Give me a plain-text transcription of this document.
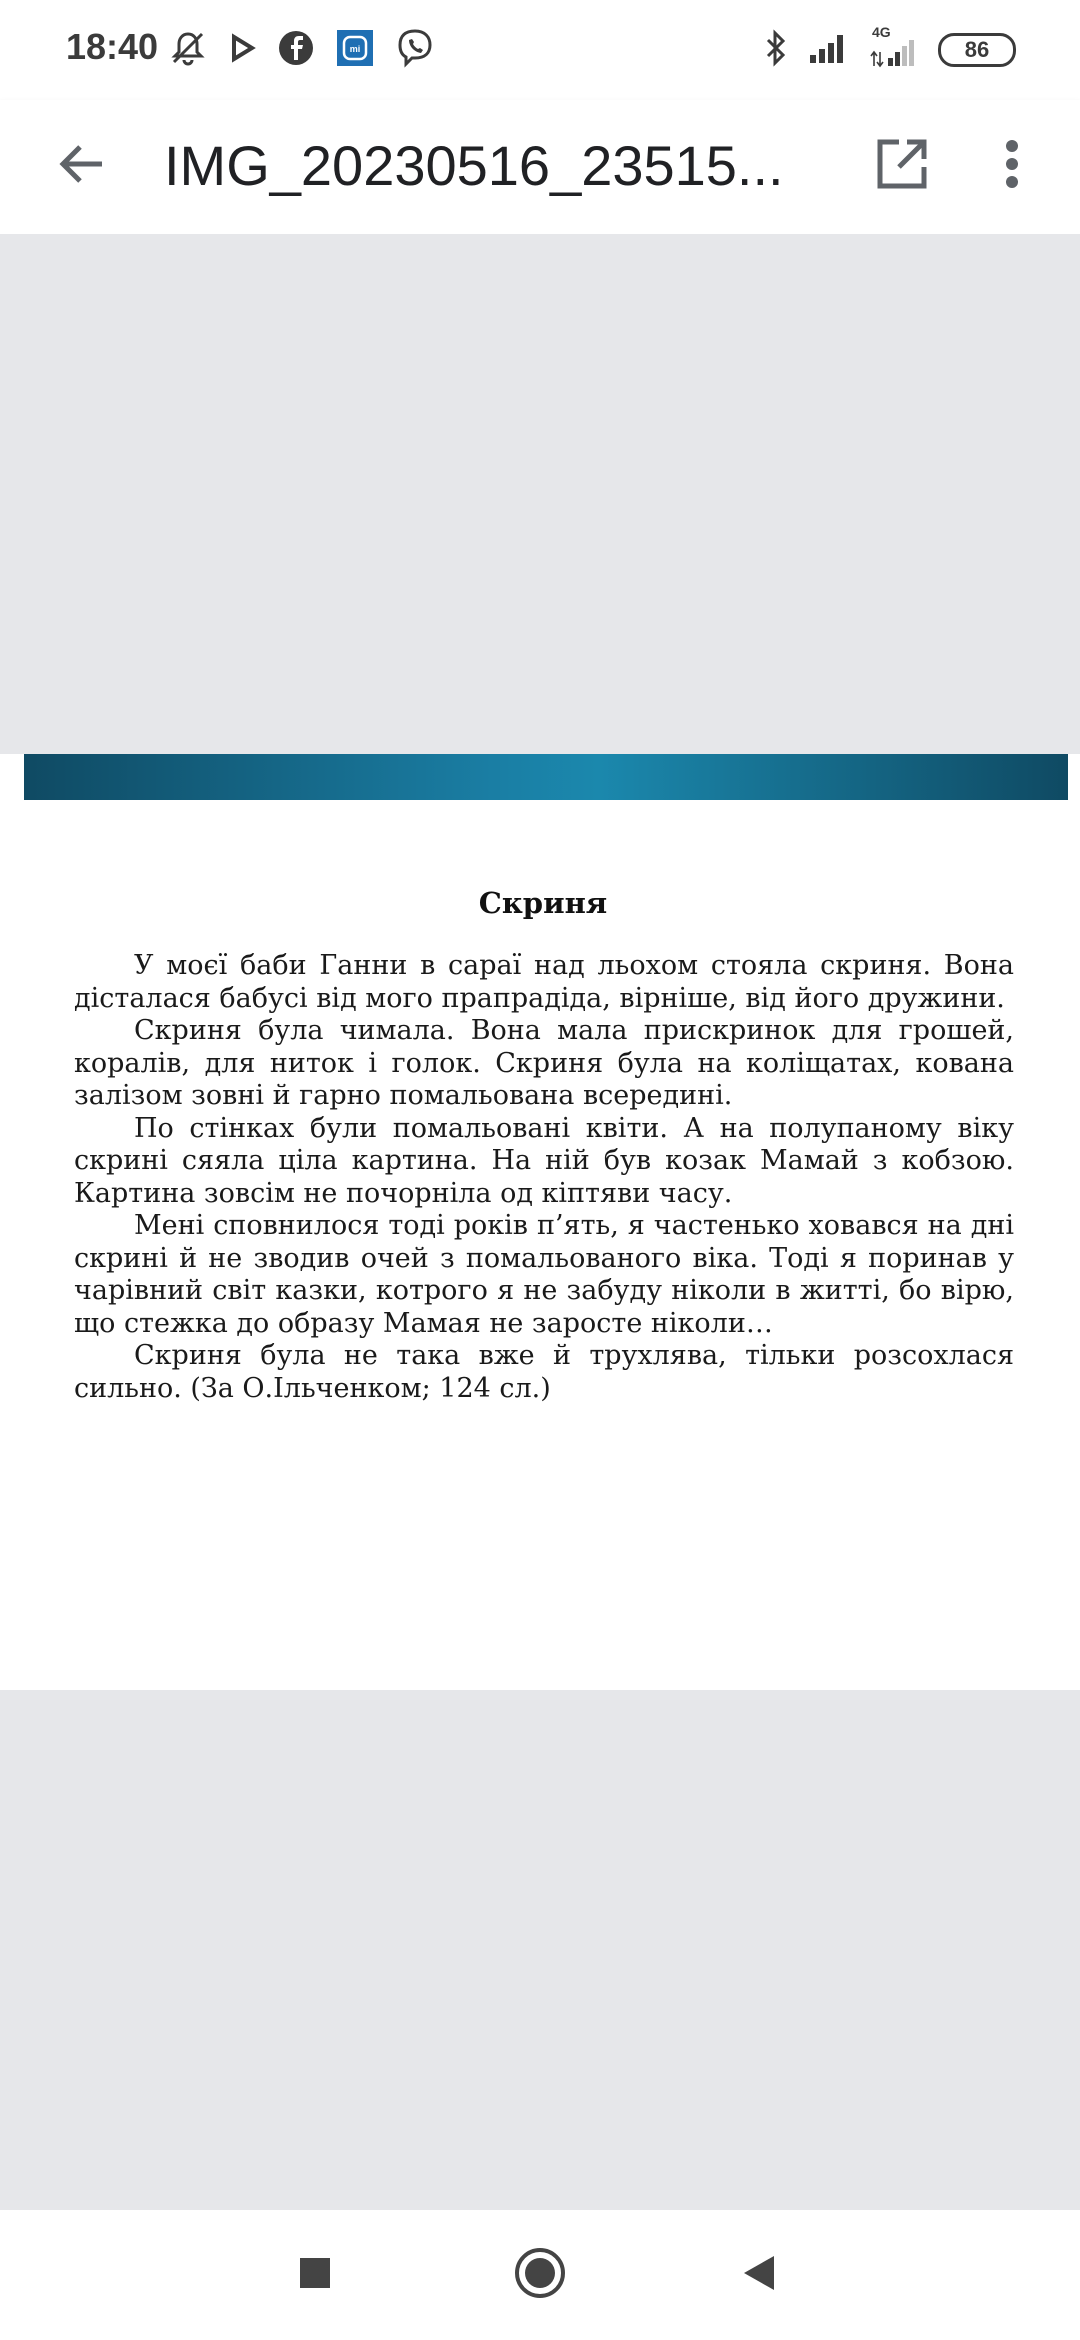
18:40	mi
4G
86
IMG_20230516_23515...
Скриня

У моєї баби Ганни в сараї над льохом стояла скриня. Вона дісталася бабусі від мого прапрадіда, вірніше, від його дружини.

Скриня була чимала. Вона мала прискринок для грошей, коралів, для ниток і голок. Скриня була на коліщатах, кована залізом зовні й гарно помальована всередині.

По стінках були помальовані квіти. А на полупаному віку скрині сяяла ціла картина. На ній був козак Мамай з кобзою. Картина зовсім не почорніла од кіптяви часу.

Мені сповнилося тоді років п’ять, я частенько ховався на дні скрині й не зводив очей з помальованого віка. Тоді я поринав у чарівний світ казки, котрого я не забуду ніколи в житті, бо вірю, що стежка до образу Мамая не заросте ніколи…

Скриня була не така вже й трухлява, тільки розсохлася сильно. (За О.Ільченком; 124 сл.)
